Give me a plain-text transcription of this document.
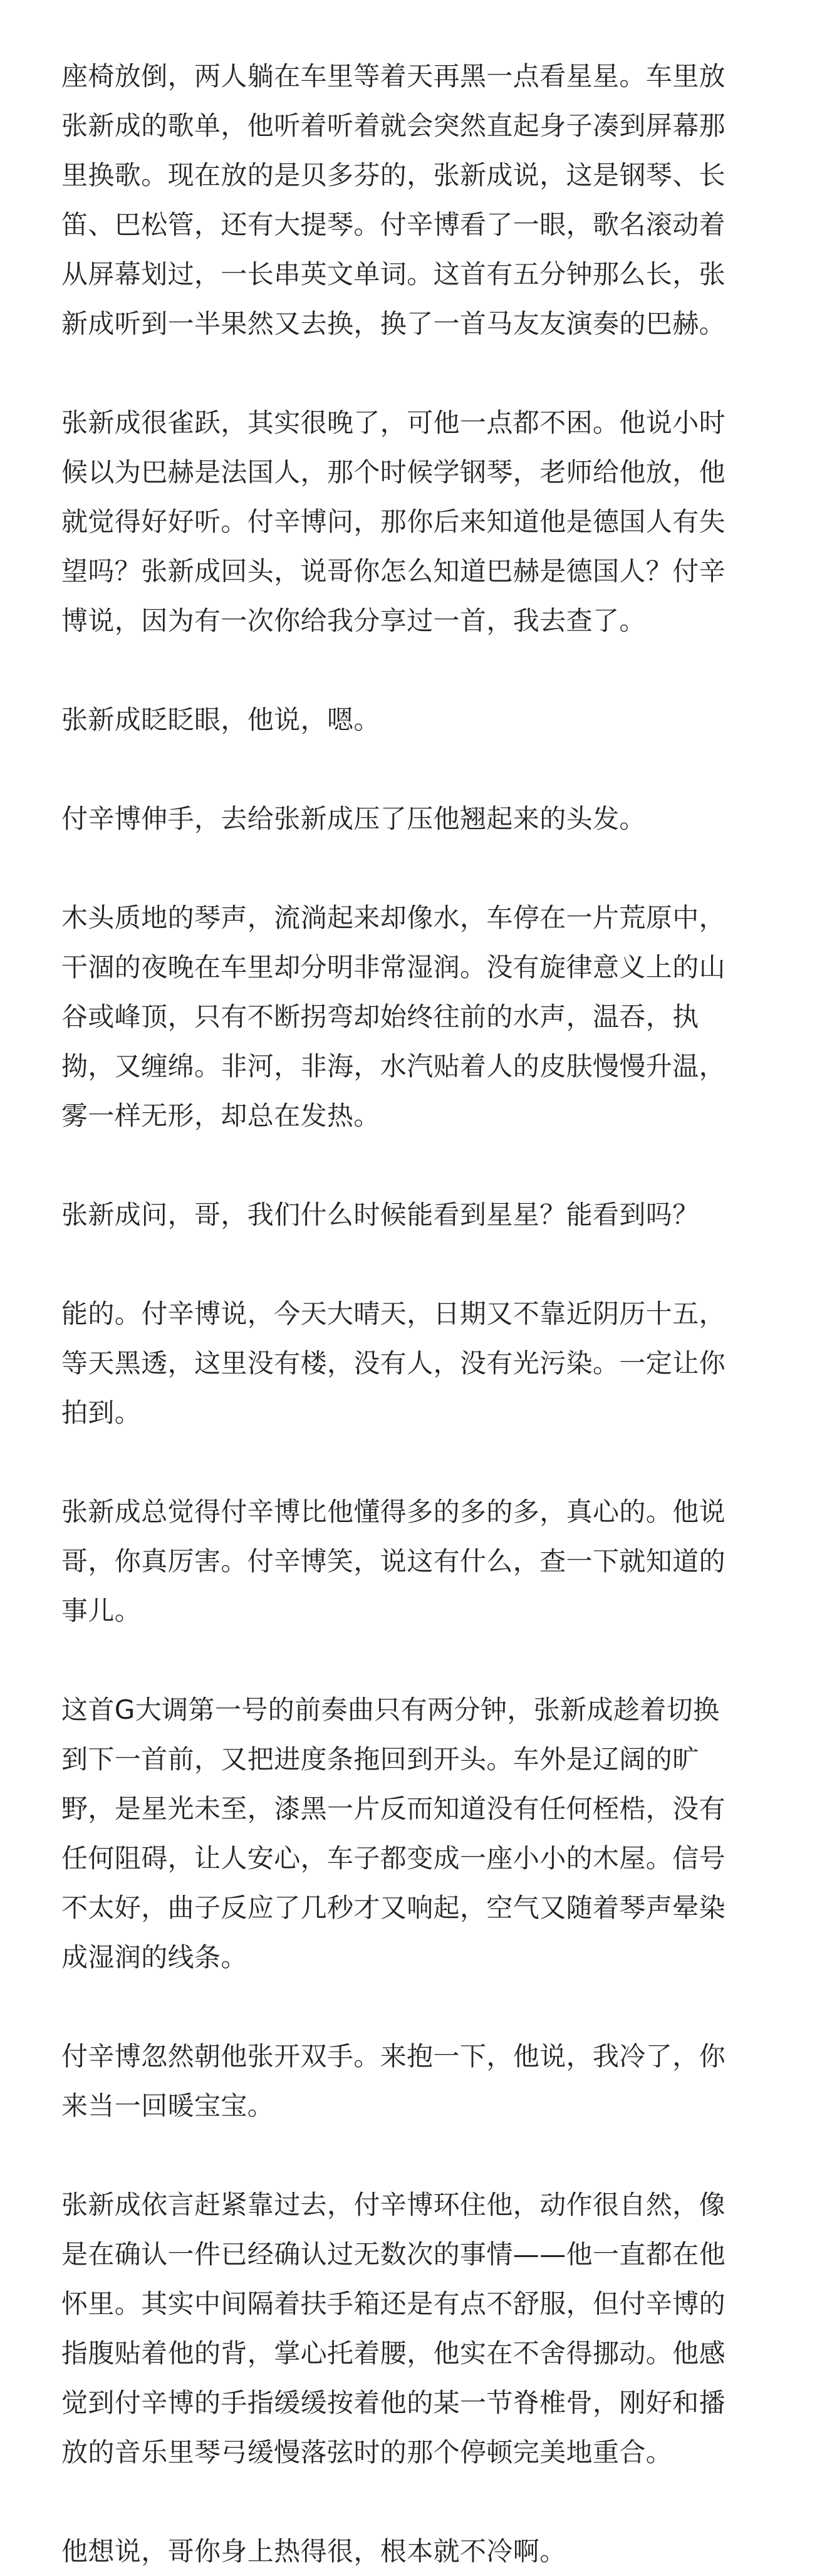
座椅放倒，两人躺在车里等着天再黑一点看星星。车里放
张新成的歌单，他听着听着就会突然直起身子凑到屏幕那
里换歌。现在放的是贝多芬的，张新成说，这是钢琴、长
笛、巴松管，还有大提琴。付辛博看了一眼，歌名滚动着
从屏幕划过，一长串英文单词。这首有五分钟那么长，张
新成听到一半果然又去换，换了一首马友友演奏的巴赫。

张新成很雀跃，其实很晚了，可他一点都不困。他说小时
候以为巴赫是法国人，那个时候学钢琴，老师给他放，他
就觉得好好听。付辛博问，那你后来知道他是德国人有失
望吗？张新成回头，说哥你怎么知道巴赫是德国人？付辛
博说，因为有一次你给我分享过一首，我去查了。

张新成眨眨眼，他说，嗯。

付辛博伸手，去给张新成压了压他翘起来的头发。

木头质地的琴声，流淌起来却像水，车停在一片荒原中，
干涸的夜晚在车里却分明非常湿润。没有旋律意义上的山
谷或峰顶，只有不断拐弯却始终往前的水声，温吞，执
拗，又缠绵。非河，非海，水汽贴着人的皮肤慢慢升温，
雾一样无形，却总在发热。

张新成问，哥，我们什么时候能看到星星？能看到吗？

能的。付辛博说，今天大晴天，日期又不靠近阴历十五，
等天黑透，这里没有楼，没有人，没有光污染。一定让你
拍到。

张新成总觉得付辛博比他懂得多的多的多，真心的。他说
哥，你真厉害。付辛博笑，说这有什么，查一下就知道的
事儿。

这首G大调第一号的前奏曲只有两分钟，张新成趁着切换
到下一首前，又把进度条拖回到开头。车外是辽阔的旷
野，是星光未至，漆黑一片反而知道没有任何桎梏，没有
任何阻碍，让人安心，车子都变成一座小小的木屋。信号
不太好，曲子反应了几秒才又响起，空气又随着琴声晕染
成湿润的线条。

付辛博忽然朝他张开双手。来抱一下，他说，我冷了，你
来当一回暖宝宝。

张新成依言赶紧靠过去，付辛博环住他，动作很自然，像
是在确认一件已经确认过无数次的事情——他一直都在他
怀里。其实中间隔着扶手箱还是有点不舒服，但付辛博的
指腹贴着他的背，掌心托着腰，他实在不舍得挪动。他感
觉到付辛博的手指缓缓按着他的某一节脊椎骨，刚好和播
放的音乐里琴弓缓慢落弦时的那个停顿完美地重合。

他想说，哥你身上热得很，根本就不冷啊。
